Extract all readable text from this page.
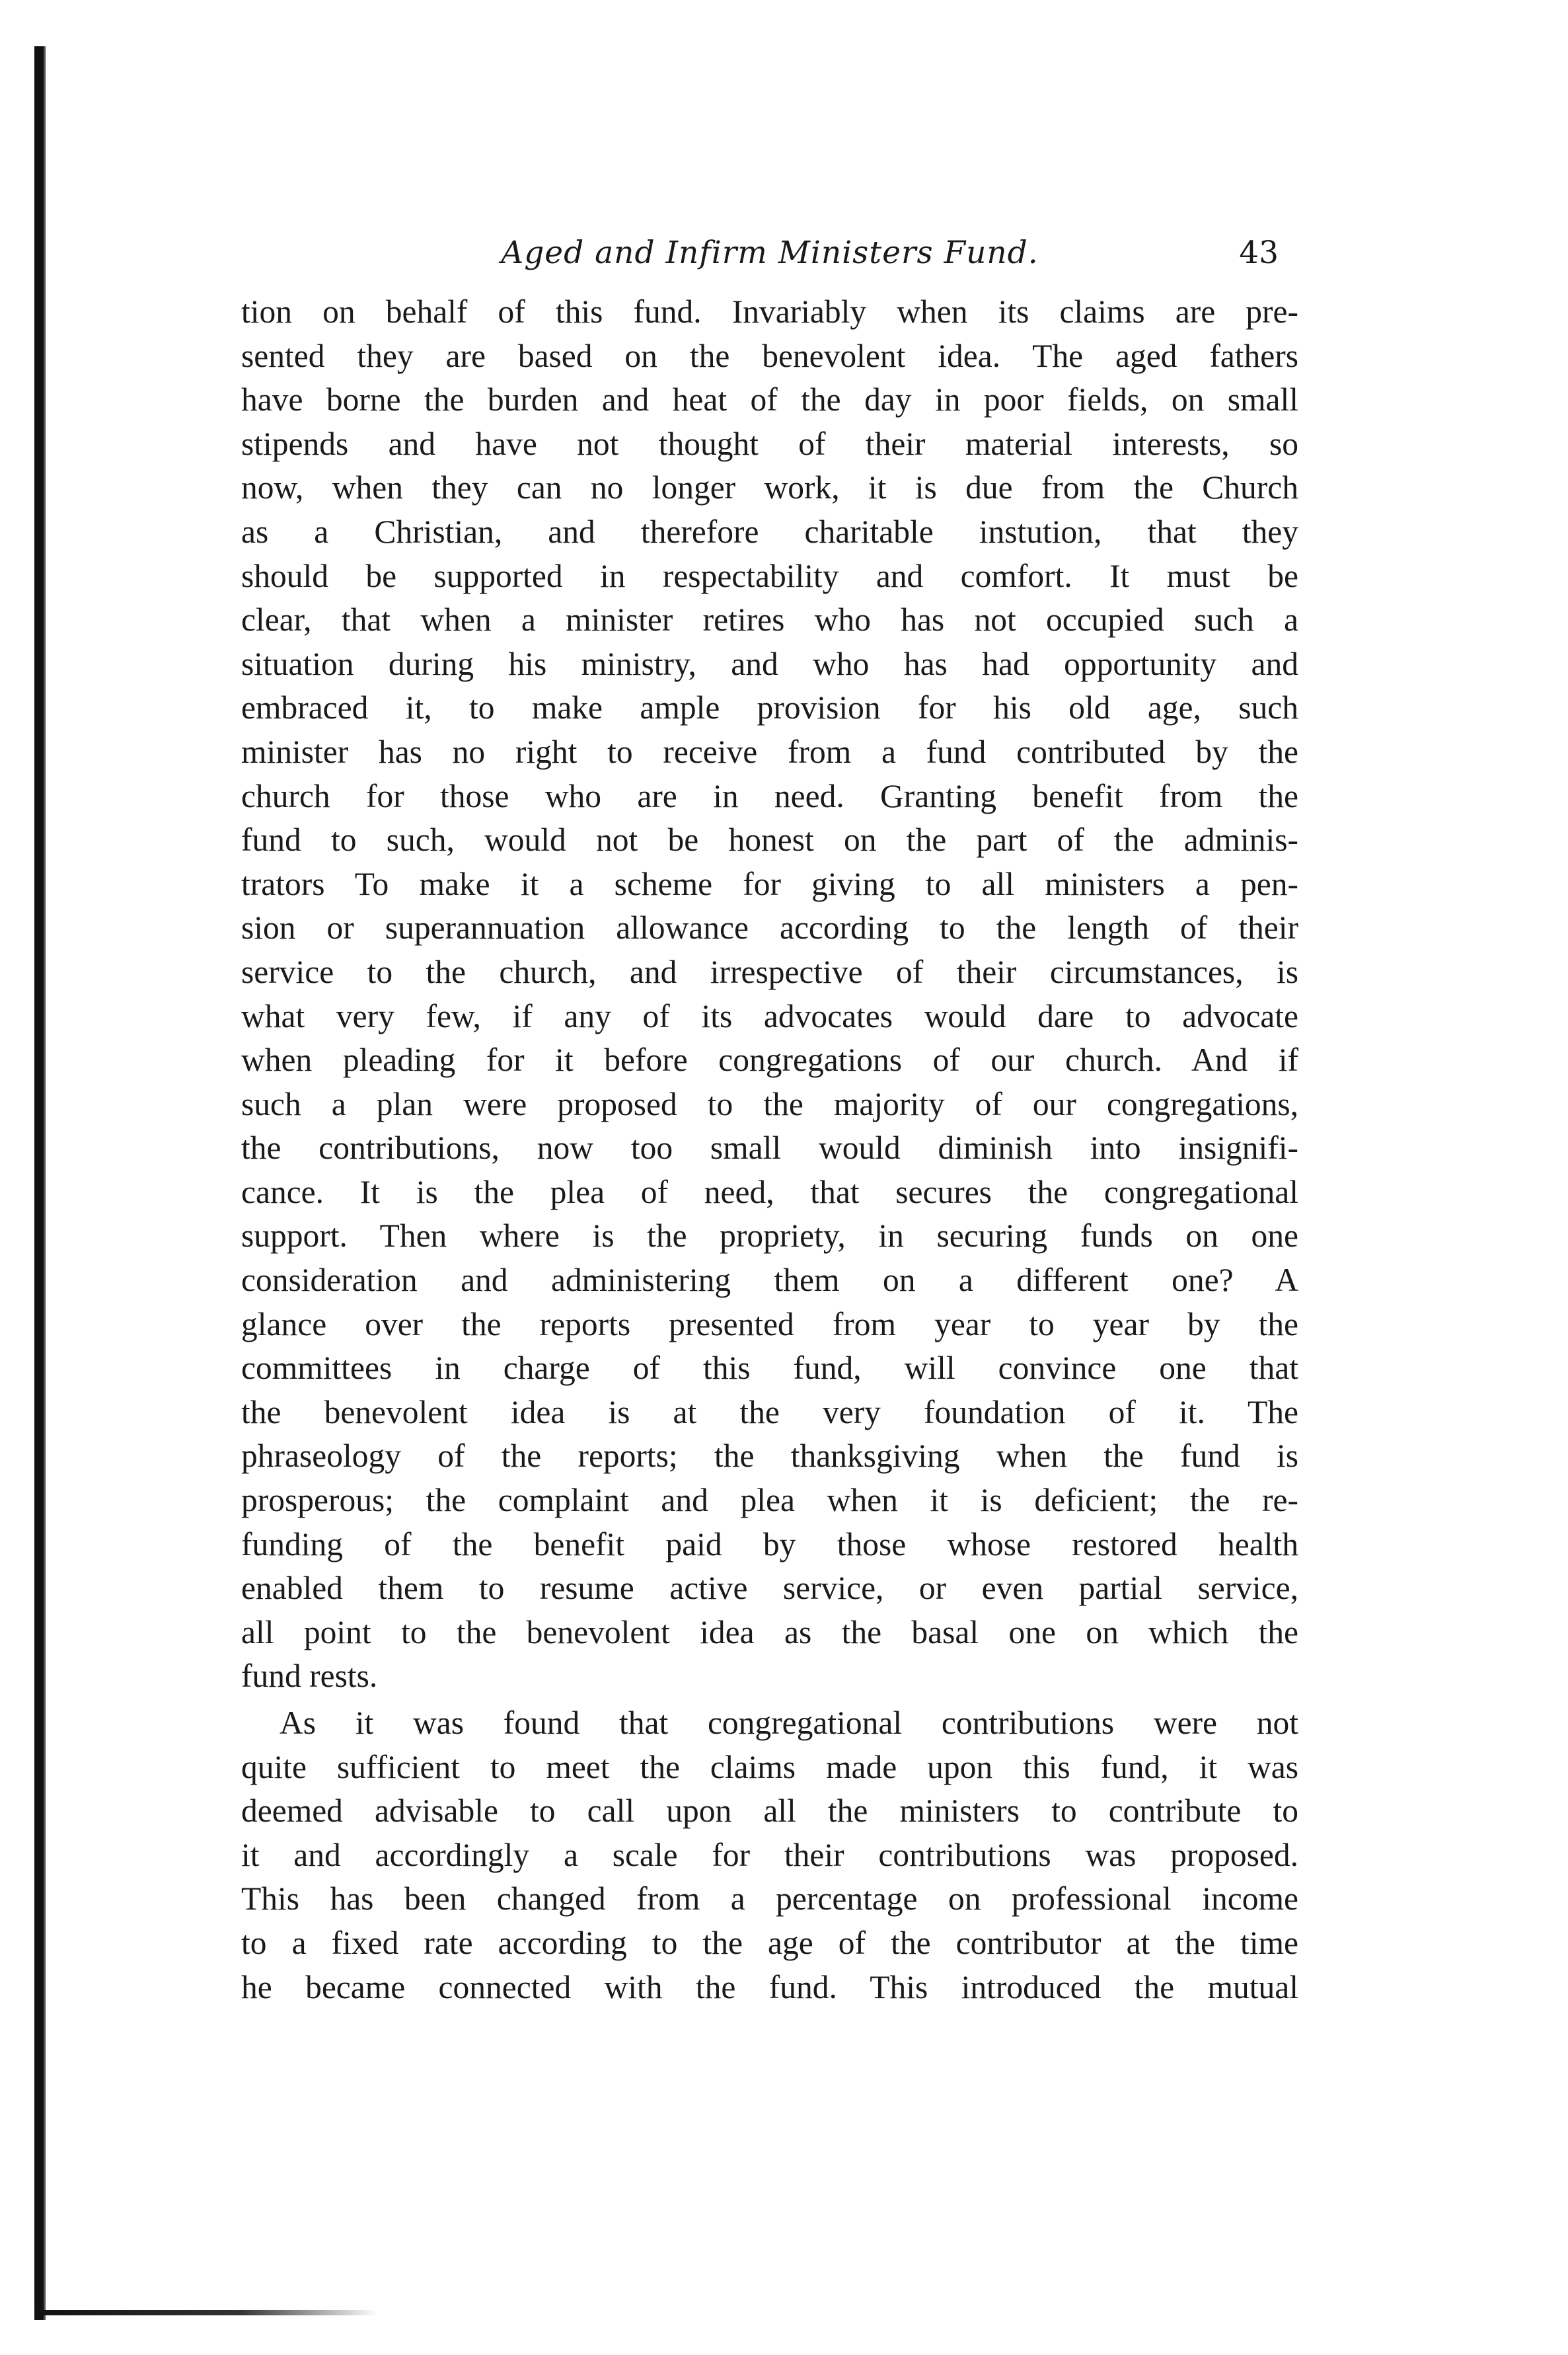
Aged and Infirm Ministers Fund.	43
tion on behalf of this fund. Invariably when its claims are pre-
sented they are based on the benevolent idea. The aged fathers
have borne the burden and heat of the day in poor fields, on small
stipends and have not thought of their material interests, so
now, when they can no longer work, it is due from the Church
as a Christian, and therefore charitable instution, that they
should be supported in respectability and comfort. It must be
clear, that when a minister retires who has not occupied such a
situation during his ministry, and who has had opportunity and
embraced it, to make ample provision for his old age, such
minister has no right to receive from a fund contributed by the
church for those who are in need. Granting benefit from the
fund to such, would not be honest on the part of the adminis-
trators To make it a scheme for giving to all ministers a pen-
sion or superannuation allowance according to the length of their
service to the church, and irrespective of their circumstances, is
what very few, if any of its advocates would dare to advocate
when pleading for it before congregations of our church. And if
such a plan were proposed to the majority of our congregations,
the contributions, now too small would diminish into insignifi-
cance. It is the plea of need, that secures the congregational
support. Then where is the propriety, in securing funds on one
consideration and administering them on a different one? A
glance over the reports presented from year to year by the
committees in charge of this fund, will convince one that
the benevolent idea is at the very foundation of it. The
phraseology of the reports; the thanksgiving when the fund is
prosperous; the complaint and plea when it is deficient; the re-
funding of the benefit paid by those whose restored health
enabled them to resume active service, or even partial service,
all point to the benevolent idea as the basal one on which the
fund rests.
As it was found that congregational contributions were not
quite sufficient to meet the claims made upon this fund, it was
deemed advisable to call upon all the ministers to contribute to
it and accordingly a scale for their contributions was proposed.
This has been changed from a percentage on professional income
to a fixed rate according to the age of the contributor at the time
he became connected with the fund. This introduced the mutual
